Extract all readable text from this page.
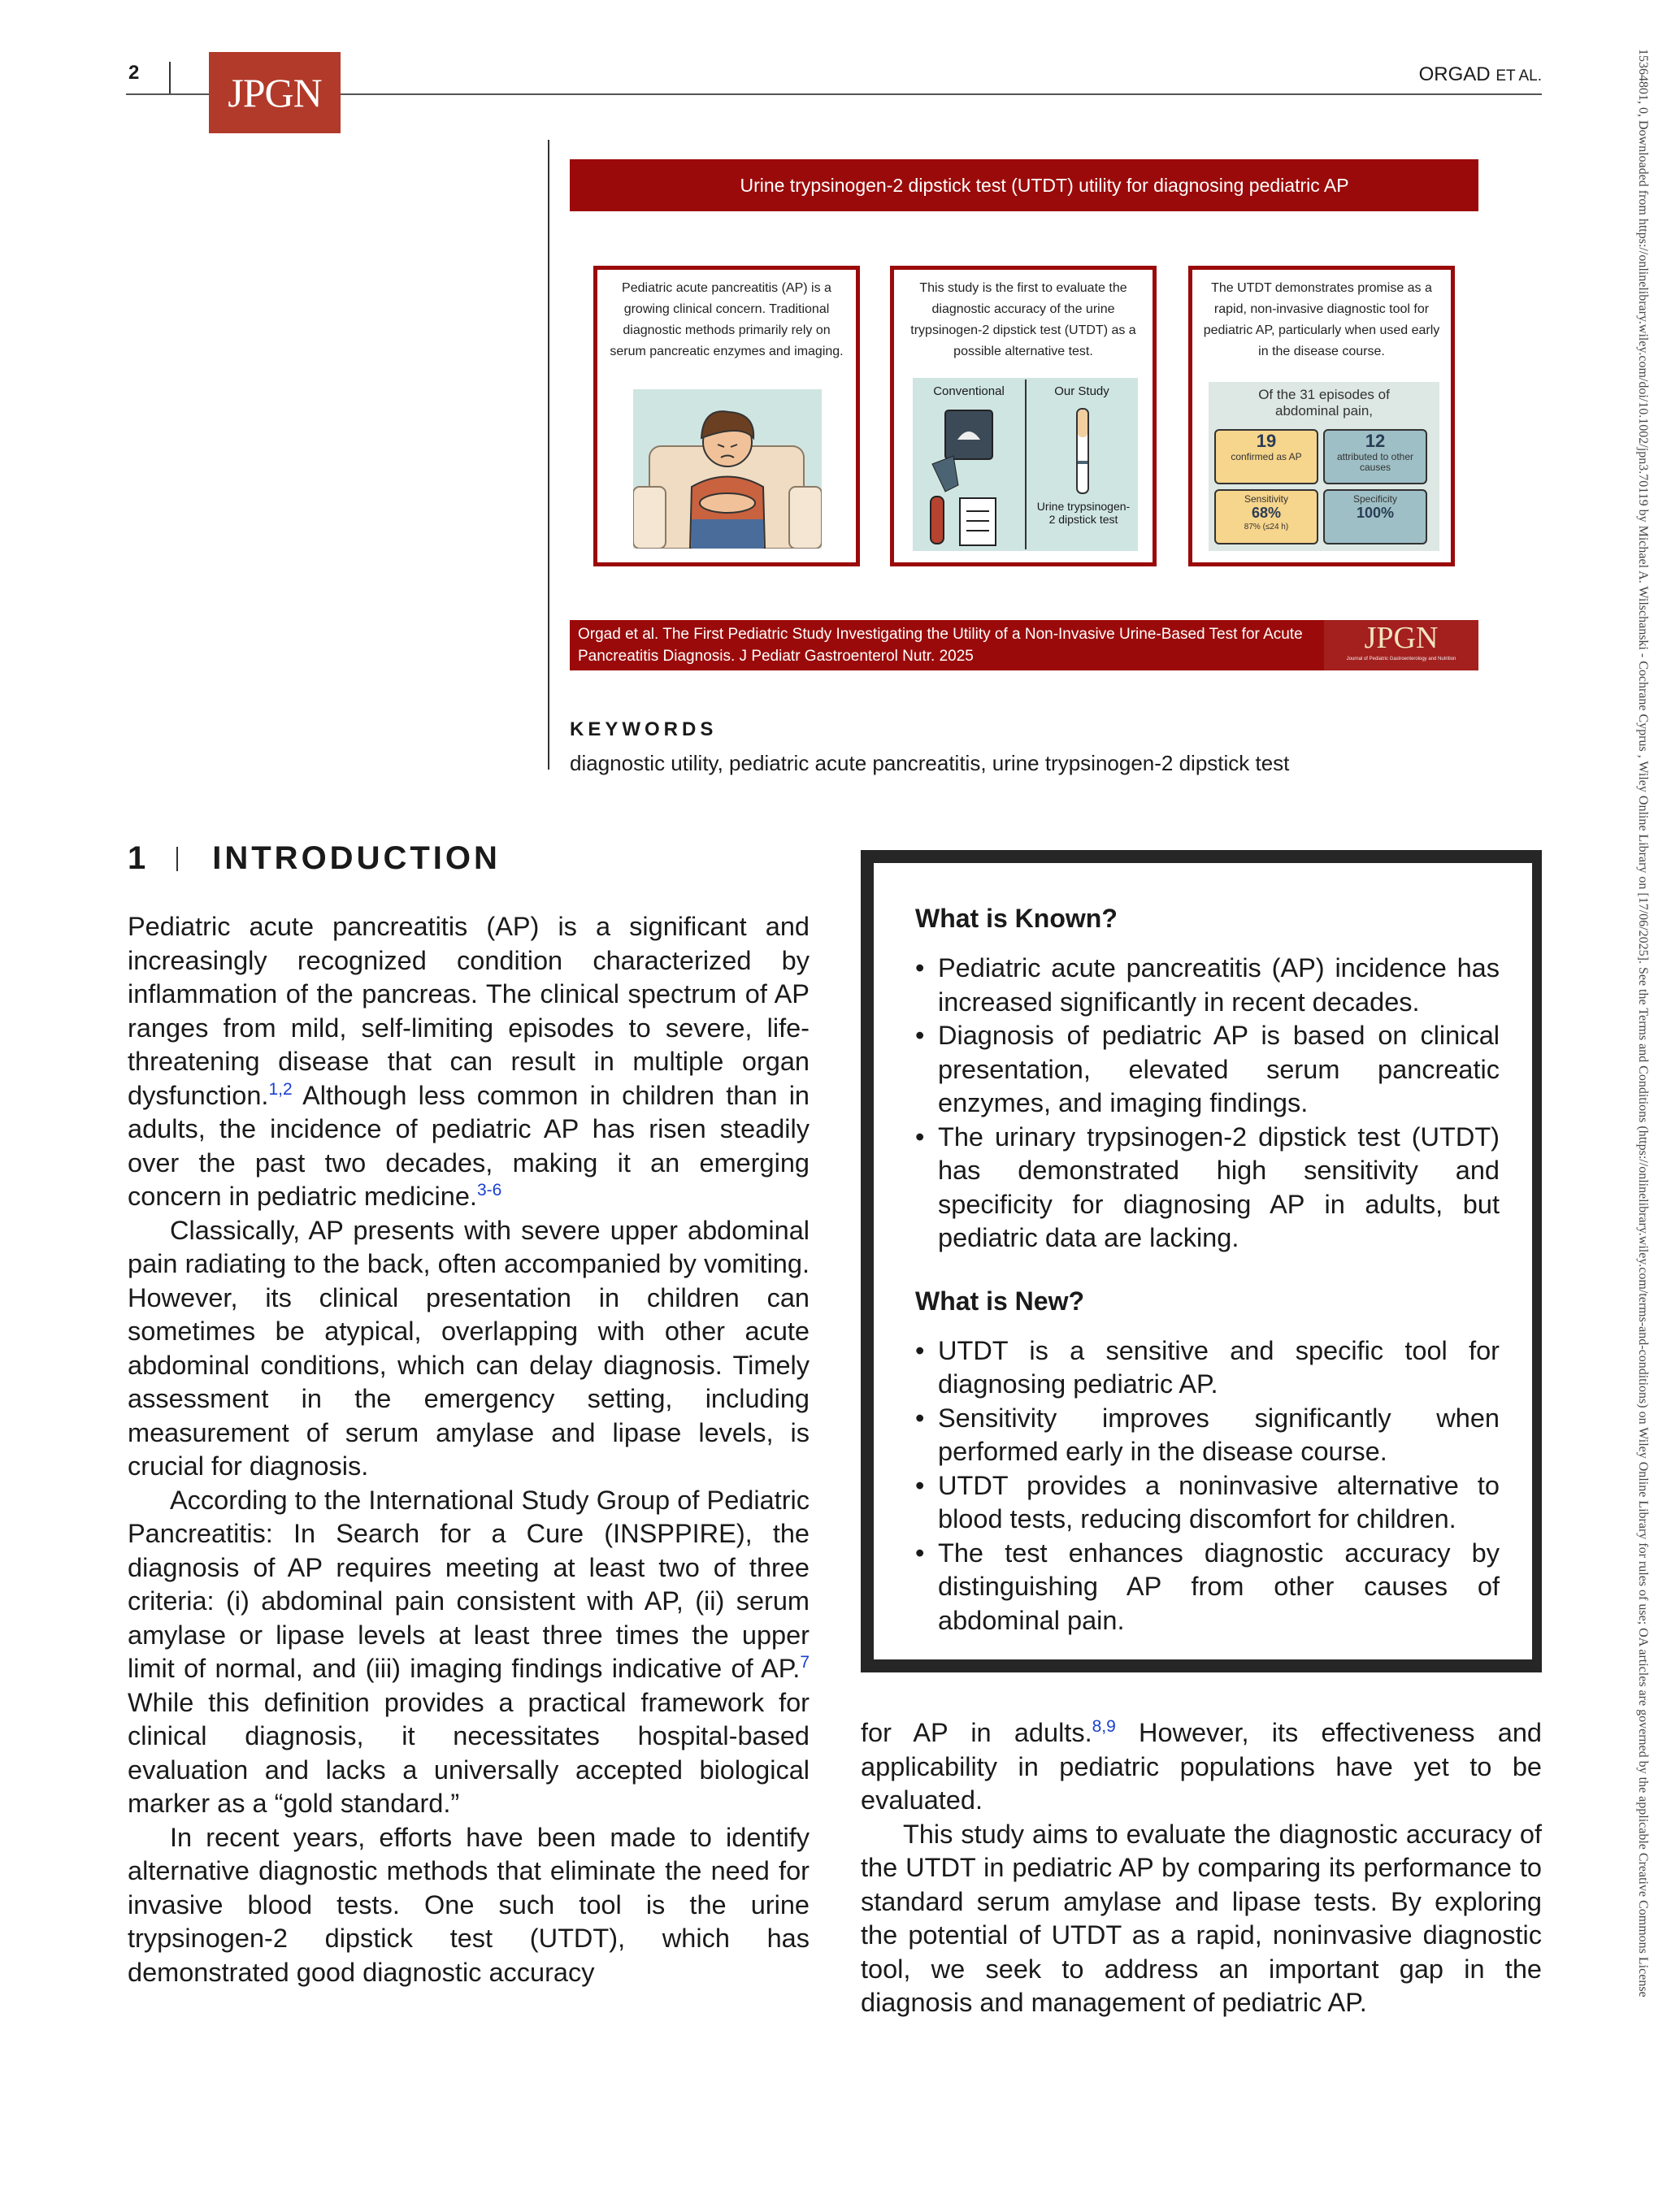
2	JPGN	ORGAD ET AL.
Urine trypsinogen-2 dipstick test (UTDT) utility for diagnosing pediatric AP
Pediatric acute pancreatitis (AP) is a growing clinical concern. Traditional diagnostic methods primarily rely on serum pancreatic enzymes and imaging.
This study is the first to evaluate the diagnostic accuracy of the urine trypsinogen-2 dipstick test (UTDT) as a possible alternative test.
Conventional	Our Study
Urine trypsinogen-2 dipstick test
The UTDT demonstrates promise as a rapid, non-invasive diagnostic tool for pediatric AP, particularly when used early in the disease course.
Of the 31 episodes of abdominal pain,
19
confirmed as AP
12
attributed to other causes
Sensitivity
68%
87% (≤24 h)
Specificity
100%
Orgad et al. The First Pediatric Study Investigating the Utility of a Non-Invasive Urine-Based Test for Acute Pancreatitis Diagnosis. J Pediatr Gastroenterol Nutr. 2025
JPGN
Journal of Pediatric Gastroenterology and Nutrition
KEYWORDS
diagnostic utility, pediatric acute pancreatitis, urine trypsinogen-2 dipstick test
1 INTRODUCTION

Pediatric acute pancreatitis (AP) is a significant and increasingly recognized condition characterized by inflammation of the pancreas. The clinical spectrum of AP ranges from mild, self-limiting episodes to severe, life-threatening disease that can result in multiple organ dysfunction.$^{1,2}$ Although less common in children than in adults, the incidence of pediatric AP has risen steadily over the past two decades, making it an emerging concern in pediatric medicine.$^{3-6}$

Classically, AP presents with severe upper abdominal pain radiating to the back, often accompanied by vomiting. However, its clinical presentation in children can sometimes be atypical, overlapping with other acute abdominal conditions, which can delay diagnosis. Timely assessment in the emergency setting, including measurement of serum amylase and lipase levels, is crucial for diagnosis.

According to the International Study Group of Pediatric Pancreatitis: In Search for a Cure (INSPPIRE), the diagnosis of AP requires meeting at least two of three criteria: (i) abdominal pain consistent with AP, (ii) serum amylase or lipase levels at least three times the upper limit of normal, and (iii) imaging findings indicative of AP.$^7$ While this definition provides a practical framework for clinical diagnosis, it necessitates hospital-based evaluation and lacks a universally accepted biological marker as a “gold standard.”

In recent years, efforts have been made to identify alternative diagnostic methods that eliminate the need for invasive blood tests. One such tool is the urine trypsinogen-2 dipstick test (UTDT), which has demonstrated good diagnostic accuracy

What is Known?
• Pediatric acute pancreatitis (AP) incidence has increased significantly in recent decades.
• Diagnosis of pediatric AP is based on clinical presentation, elevated serum pancreatic enzymes, and imaging findings.
• The urinary trypsinogen-2 dipstick test (UTDT) has demonstrated high sensitivity and specificity for diagnosing AP in adults, but pediatric data are lacking.
What is New?
• UTDT is a sensitive and specific tool for diagnosing pediatric AP.
• Sensitivity improves significantly when performed early in the disease course.
• UTDT provides a noninvasive alternative to blood tests, reducing discomfort for children.
• The test enhances diagnostic accuracy by distinguishing AP from other causes of abdominal pain.

for AP in adults.$^{8,9}$ However, its effectiveness and applicability in pediatric populations have yet to be evaluated.

This study aims to evaluate the diagnostic accuracy of the UTDT in pediatric AP by comparing its performance to standard serum amylase and lipase tests. By exploring the potential of UTDT as a rapid, noninvasive diagnostic tool, we seek to address an important gap in the diagnosis and management of pediatric AP.

15364801, 0, Downloaded from https://onlinelibrary.wiley.com/doi/10.1002/jpn3.70119 by Michael A. Wilschanski - Cochrane Cyprus , Wiley Online Library on [17/06/2025]. See the Terms and Conditions (https://onlinelibrary.wiley.com/terms-and-conditions) on Wiley Online Library for rules of use; OA articles are governed by the applicable Creative Commons License
